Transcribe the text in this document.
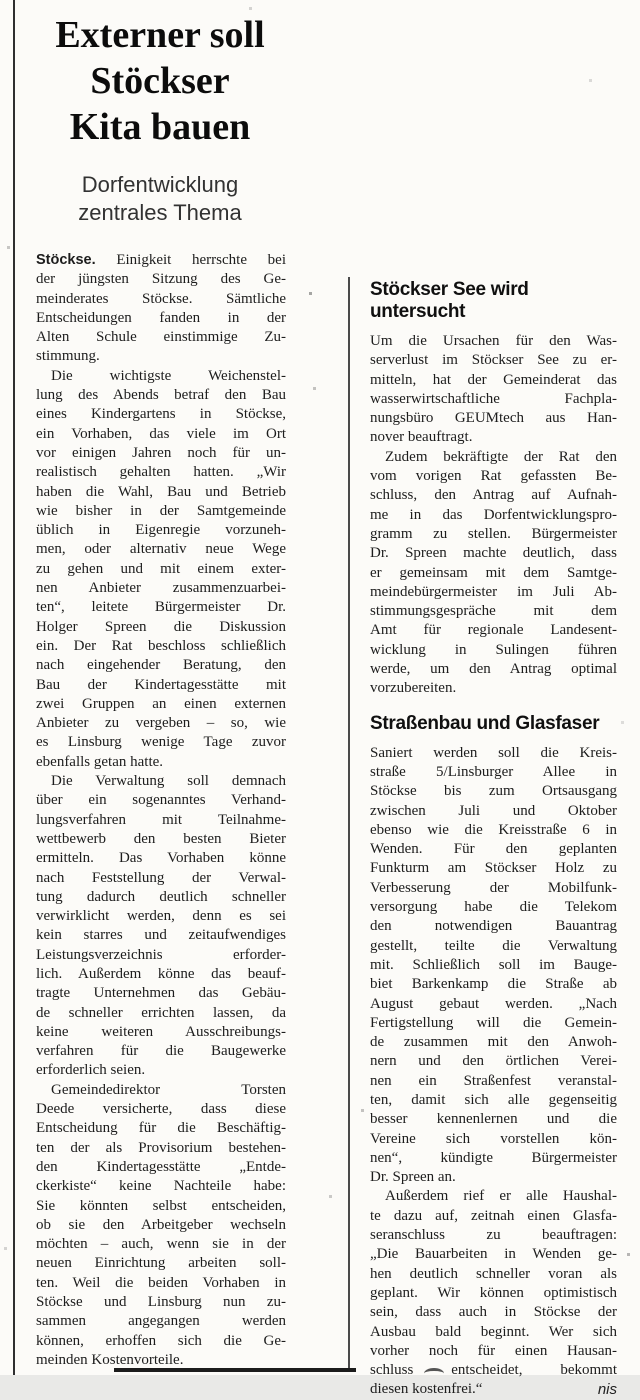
Externer soll
Stöckser
Kita bauen
Dorfentwicklung
zentrales Thema
Stöckse. Einigkeit herrschte bei
der jüngsten Sitzung des Ge-
meinderates Stöckse. Sämtliche
Entscheidungen fanden in der
Alten Schule einstimmige Zu-
stimmung.
Die wichtigste Weichenstel-
lung des Abends betraf den Bau
eines Kindergartens in Stöckse,
ein Vorhaben, das viele im Ort
vor einigen Jahren noch für un-
realistisch gehalten hatten. „Wir
haben die Wahl, Bau und Betrieb
wie bisher in der Samtgemeinde
üblich in Eigenregie vorzuneh-
men, oder alternativ neue Wege
zu gehen und mit einem exter-
nen Anbieter zusammenzuarbei-
ten“, leitete Bürgermeister Dr.
Holger Spreen die Diskussion
ein. Der Rat beschloss schließlich
nach eingehender Beratung, den
Bau der Kindertagesstätte mit
zwei Gruppen an einen externen
Anbieter zu vergeben – so, wie
es Linsburg wenige Tage zuvor
ebenfalls getan hatte.
Die Verwaltung soll demnach
über ein sogenanntes Verhand-
lungsverfahren mit Teilnahme-
wettbewerb den besten Bieter
ermitteln. Das Vorhaben könne
nach Feststellung der Verwal-
tung dadurch deutlich schneller
verwirklicht werden, denn es sei
kein starres und zeitaufwendiges
Leistungsverzeichnis erforder-
lich. Außerdem könne das beauf-
tragte Unternehmen das Gebäu-
de schneller errichten lassen, da
keine weiteren Ausschreibungs-
verfahren für die Baugewerke
erforderlich seien.
Gemeindedirektor Torsten
Deede versicherte, dass diese
Entscheidung für die Beschäftig-
ten der als Provisorium bestehen-
den Kindertagesstätte „Entde-
ckerkiste“ keine Nachteile habe:
Sie könnten selbst entscheiden,
ob sie den Arbeitgeber wechseln
möchten – auch, wenn sie in der
neuen Einrichtung arbeiten soll-
ten. Weil die beiden Vorhaben in
Stöckse und Linsburg nun zu-
sammen angegangen werden
können, erhoffen sich die Ge-
meinden Kostenvorteile.
Stöckser See wird untersucht
Um die Ursachen für den Was-
serverlust im Stöckser See zu er-
mitteln, hat der Gemeinderat das
wasserwirtschaftliche Fachpla-
nungsbüro GEUMtech aus Han-
nover beauftragt.
Zudem bekräftigte der Rat den
vom vorigen Rat gefassten Be-
schluss, den Antrag auf Aufnah-
me in das Dorfentwicklungspro-
gramm zu stellen. Bürgermeister
Dr. Spreen machte deutlich, dass
er gemeinsam mit dem Samtge-
meindebürgermeister im Juli Ab-
stimmungsgespräche mit dem
Amt für regionale Landesent-
wicklung in Sulingen führen
werde, um den Antrag optimal
vorzubereiten.
Straßenbau und Glasfaser
Saniert werden soll die Kreis-
straße 5/Linsburger Allee in
Stöckse bis zum Ortsausgang
zwischen Juli und Oktober
ebenso wie die Kreisstraße 6 in
Wenden. Für den geplanten
Funkturm am Stöckser Holz zu
Verbesserung der Mobilfunk-
versorgung habe die Telekom
den notwendigen Bauantrag
gestellt, teilte die Verwaltung
mit. Schließlich soll im Bauge-
biet Barkenkamp die Straße ab
August gebaut werden. „Nach
Fertigstellung will die Gemein-
de zusammen mit den Anwoh-
nern und den örtlichen Verei-
nen ein Straßenfest veranstal-
ten, damit sich alle gegenseitig
besser kennenlernen und die
Vereine sich vorstellen kön-
nen“, kündigte Bürgermeister
Dr. Spreen an.
Außerdem rief er alle Haushal-
te dazu auf, zeitnah einen Glasfa-
seranschluss zu beauftragen:
„Die Bauarbeiten in Wenden ge-
hen deutlich schneller voran als
geplant. Wir können optimistisch
sein, dass auch in Stöckse der
Ausbau bald beginnt. Wer sich
vorher noch für einen Hausan-
schluss entscheidet, bekommt
diesen kostenfrei.“	nis
